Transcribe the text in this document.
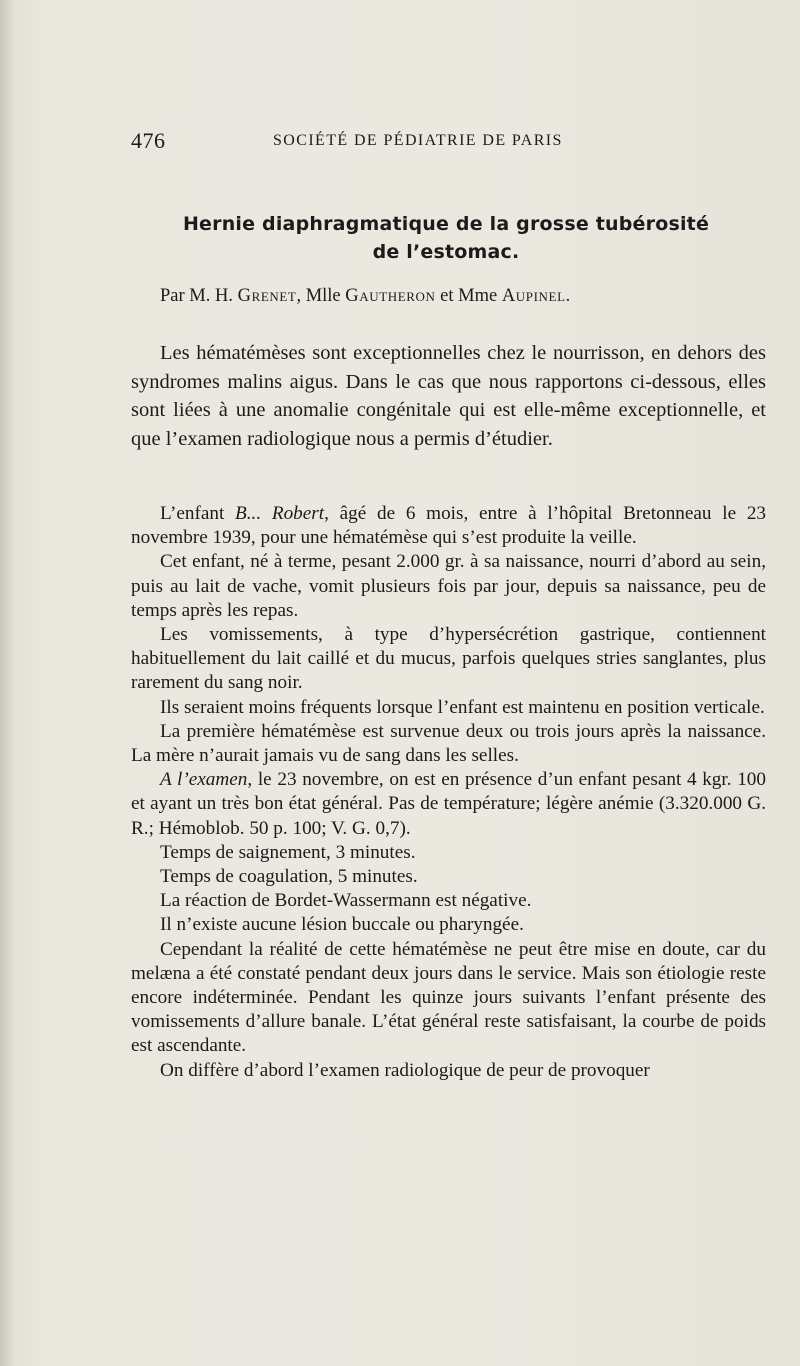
476	SOCIÉTÉ DE PÉDIATRIE DE PARIS
Hernie diaphragmatique de la grosse tubérosité
de l’estomac.
Par M. H. Grenet, Mlle Gautheron et Mme Aupinel.

Les hématémèses sont exceptionnelles chez le nourrisson, en dehors des syndromes malins aigus. Dans le cas que nous rapportons ci-dessous, elles sont liées à une anomalie congénitale qui est elle-même exceptionnelle, et que l’examen radiologique nous a permis d’étudier.

L’enfant B... Robert, âgé de 6 mois, entre à l’hôpital Bretonneau le 23 novembre 1939, pour une hématémèse qui s’est produite la veille.

Cet enfant, né à terme, pesant 2.000 gr. à sa naissance, nourri d’abord au sein, puis au lait de vache, vomit plusieurs fois par jour, depuis sa naissance, peu de temps après les repas.

Les vomissements, à type d’hypersécrétion gastrique, contiennent habituellement du lait caillé et du mucus, parfois quelques stries sanglantes, plus rarement du sang noir.

Ils seraient moins fréquents lorsque l’enfant est maintenu en position verticale.

La première hématémèse est survenue deux ou trois jours après la naissance. La mère n’aurait jamais vu de sang dans les selles.

A l’examen, le 23 novembre, on est en présence d’un enfant pesant 4 kgr. 100 et ayant un très bon état général. Pas de température; légère anémie (3.320.000 G. R.; Hémoblob. 50 p. 100; V. G. 0,7).

Temps de saignement, 3 minutes.

Temps de coagulation, 5 minutes.

La réaction de Bordet-Wassermann est négative.

Il n’existe aucune lésion buccale ou pharyngée.

Cependant la réalité de cette hématémèse ne peut être mise en doute, car du melæna a été constaté pendant deux jours dans le service. Mais son étiologie reste encore indéterminée. Pendant les quinze jours suivants l’enfant présente des vomissements d’allure banale. L’état général reste satisfaisant, la courbe de poids est ascendante.

On diffère d’abord l’examen radiologique de peur de provoquer
